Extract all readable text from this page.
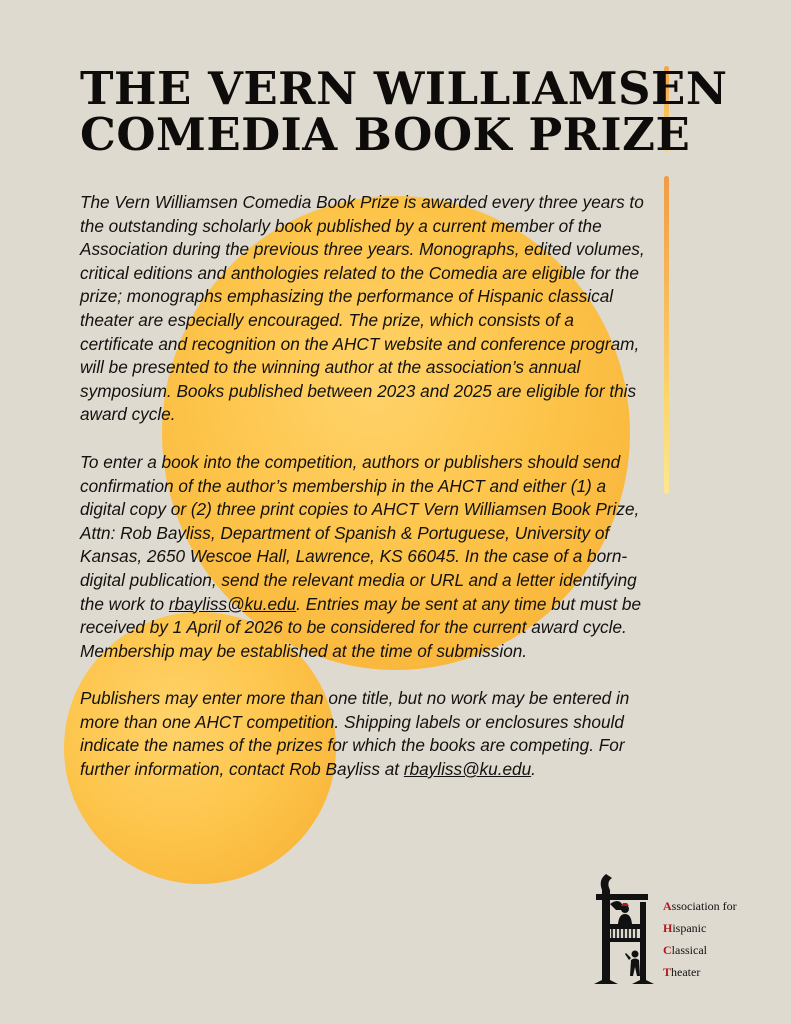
THE VERN WILLIAMSEN
COMEDIA BOOK PRIZE

The Vern Williamsen Comedia Book Prize is awarded every three years to the outstanding scholarly book published by a current member of the Association during the previous three years. Monographs, edited volumes, critical editions and anthologies related to the Comedia are eligible for the prize; monographs emphasizing the performance of Hispanic classical theater are especially encouraged. The prize, which consists of a certificate and recognition on the AHCT website and conference program, will be presented to the winning author at the association’s annual symposium. Books published between 2023 and 2025 are eligible for this award cycle.

To enter a book into the competition, authors or publishers should send confirmation of the author’s membership in the AHCT and either (1) a digital copy or (2) three print copies to AHCT Vern Williamsen Book Prize, Attn: Rob Bayliss, Department of Spanish & Portuguese, University of Kansas, 2650 Wescoe Hall, Lawrence, KS 66045. In the case of a born-digital publication, send the relevant media or URL and a letter identifying the work to rbayliss@ku.edu. Entries may be sent at any time but must be received by 1 April of 2026 to be considered for the current award cycle. Membership may be established at the time of submission.

Publishers may enter more than one title, but no work may be entered in more than one AHCT competition. Shipping labels or enclosures should indicate the names of the prizes for which the books are competing. For further information, contact Rob Bayliss at rbayliss@ku.edu.

Association for
Hispanic
Classical
Theater
